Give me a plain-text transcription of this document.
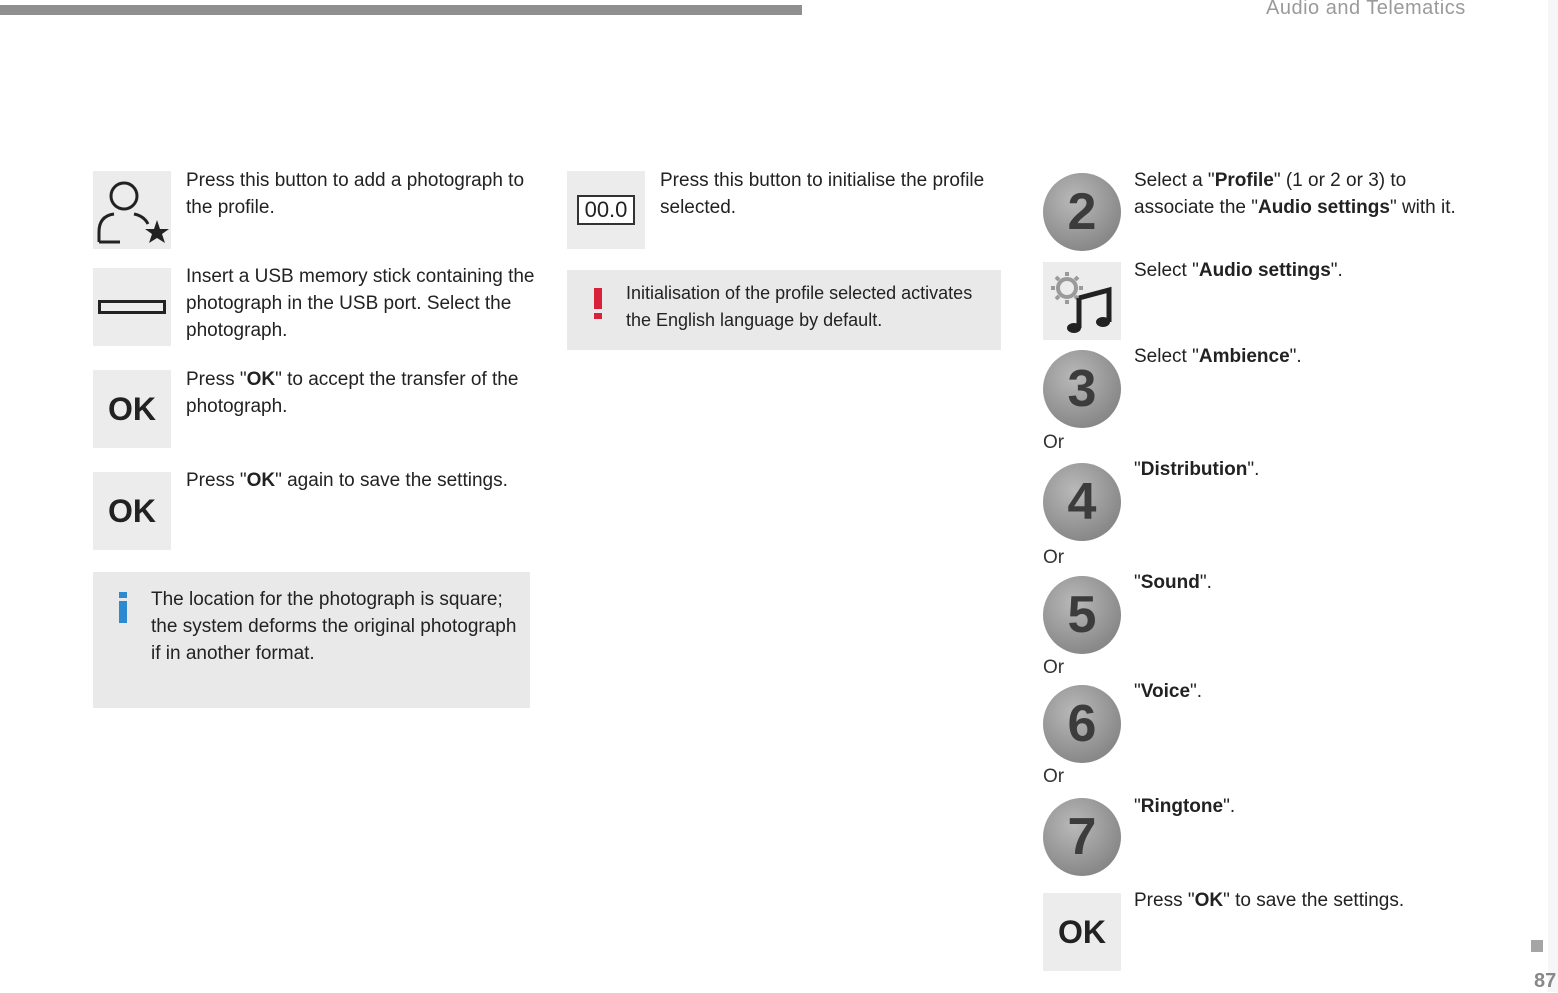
Audio and Telematics
Press this button to add a photograph to the profile.
Insert a USB memory stick containing the photograph in the USB port. Select the photograph.
OK
Press "OK" to accept the transfer of the photograph.
OK
Press "OK" again to save the settings.
The location for the photograph is square; the system deforms the original photograph if in another format.
00.0
Press this button to initialise the profile selected.
Initialisation of the profile selected activates the English language by default.
2
Select a "Profile" (1 or 2 or 3) to associate the "Audio settings" with it.
Select "Audio settings".
3
Select "Ambience".
Or
4
"Distribution".
Or
5
"Sound".
Or
6
"Voice".
Or
7
"Ringtone".
OK
Press "OK" to save the settings.
87
